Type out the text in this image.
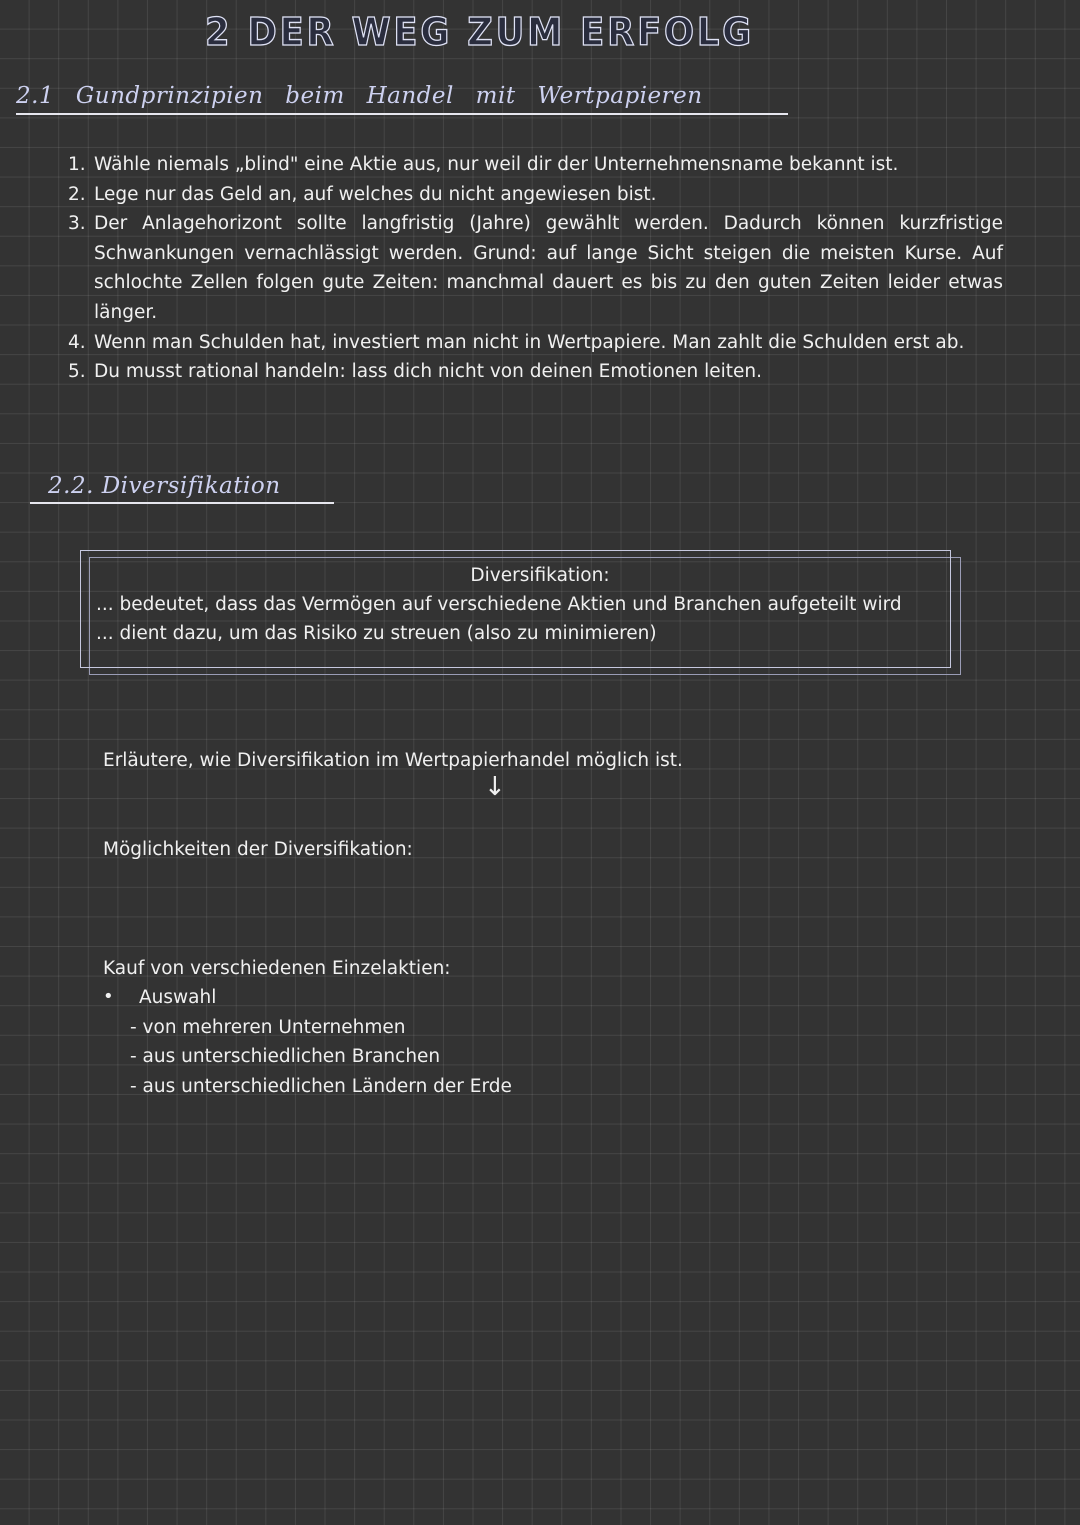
2 DER WEG ZUM ERFOLG
2.1 Gundprinzipien beim Handel mit Wertpapieren
1. Wähle niemals „blind" eine Aktie aus, nur weil dir der Unternehmensname bekannt ist.
2. Lege nur das Geld an, auf welches du nicht angewiesen bist.
3. Der Anlagehorizont sollte langfristig (Jahre) gewählt werden. Dadurch können kurzfristige Schwankungen vernachlässigt werden. Grund: auf lange Sicht steigen die meisten Kurse. Auf schlochte Zellen folgen gute Zeiten: manchmal dauert es bis zu den guten Zeiten leider etwas länger.
4. Wenn man Schulden hat, investiert man nicht in Wertpapiere. Man zahlt die Schulden erst ab.
5. Du musst rational handeln: lass dich nicht von deinen Emotionen leiten.
2.2. Diversifikation
Diversifikation:
... bedeutet, dass das Vermögen auf verschiedene Aktien und Branchen aufgeteilt wird
... dient dazu, um das Risiko zu streuen (also zu minimieren)
Erläutere, wie Diversifikation im Wertpapierhandel möglich ist.
↓
Möglichkeiten der Diversifikation:
Kauf von verschiedenen Einzelaktien:
• Auswahl
- von mehreren Unternehmen
- aus unterschiedlichen Branchen
- aus unterschiedlichen Ländern der Erde
